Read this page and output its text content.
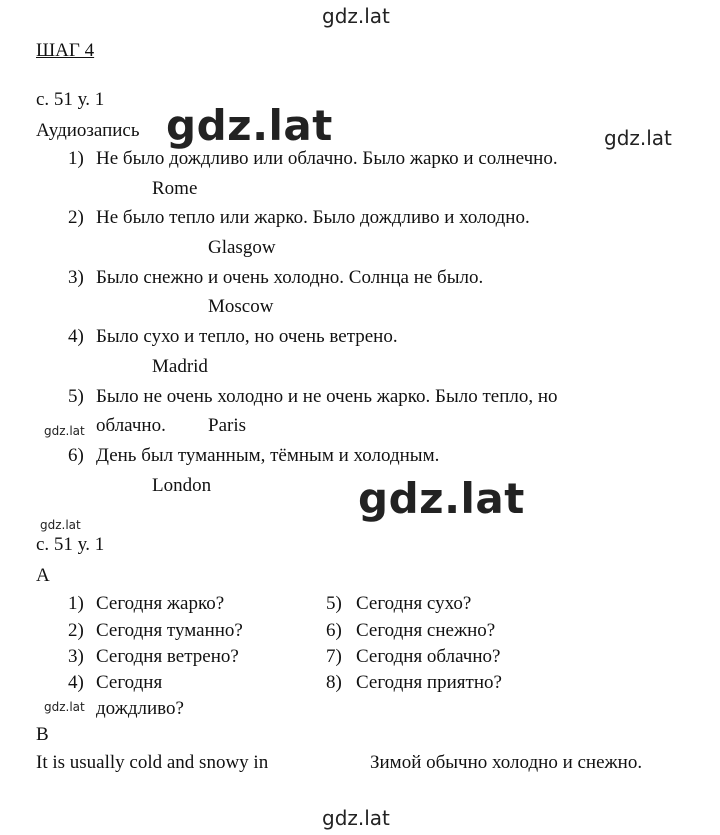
gdz.lat
gdz.lat	gdz.lat
gdz.lat
gdz.lat
gdz.lat
gdz.lat
gdz.lat
ШАГ 4
с. 51 у. 1
Аудиозапись
1) Не было дождливо или облачно. Было жарко и солнечно.
Rome
2) Не было тепло или жарко. Было дождливо и холодно.
Glasgow
3) Было снежно и очень холодно. Солнца не было.
Moscow
4) Было сухо и тепло, но очень ветрено.
Madrid
5) Было не очень холодно и не очень жарко. Было тепло, но
облачно. Paris
6) День был туманным, тёмным и холодным.
London
с. 51 у. 1
A
1) Сегодня жарко?
2) Сегодня туманно?
3) Сегодня ветрено?
4) Сегодня
дождливо?
5) Сегодня сухо?
6) Сегодня снежно?
7) Сегодня облачно?
8) Сегодня приятно?
B
It is usually cold and snowy in	Зимой обычно холодно и снежно.
